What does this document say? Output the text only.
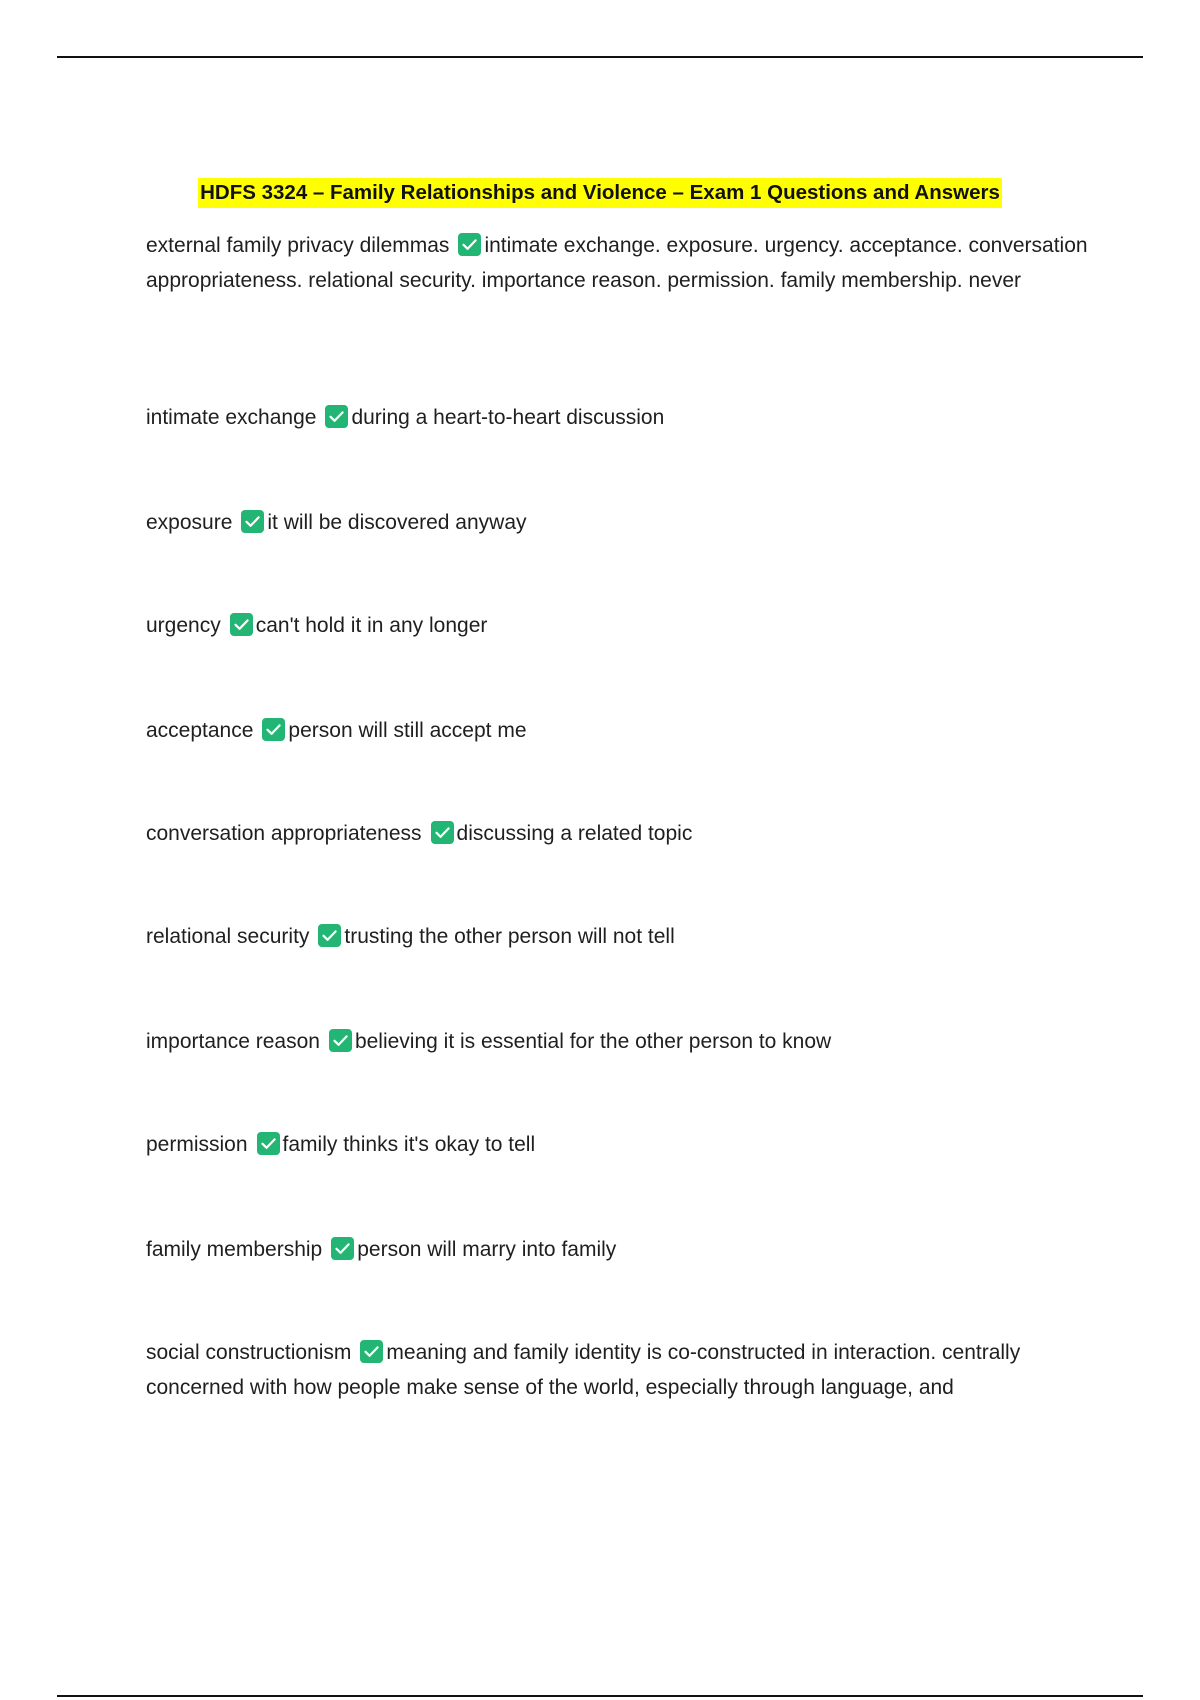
HDFS 3324 – Family Relationships and Violence – Exam 1 Questions and Answers
external family privacy dilemmas intimate exchange. exposure. urgency. acceptance. conversation appropriateness. relational security. importance reason. permission. family membership. never
intimate exchange during a heart-to-heart discussion
exposure it will be discovered anyway
urgency can't hold it in any longer
acceptance person will still accept me
conversation appropriateness discussing a related topic
relational security trusting the other person will not tell
importance reason believing it is essential for the other person to know
permission family thinks it's okay to tell
family membership person will marry into family
social constructionism meaning and family identity is co-constructed in interaction. centrally concerned with how people make sense of the world, especially through language, and
